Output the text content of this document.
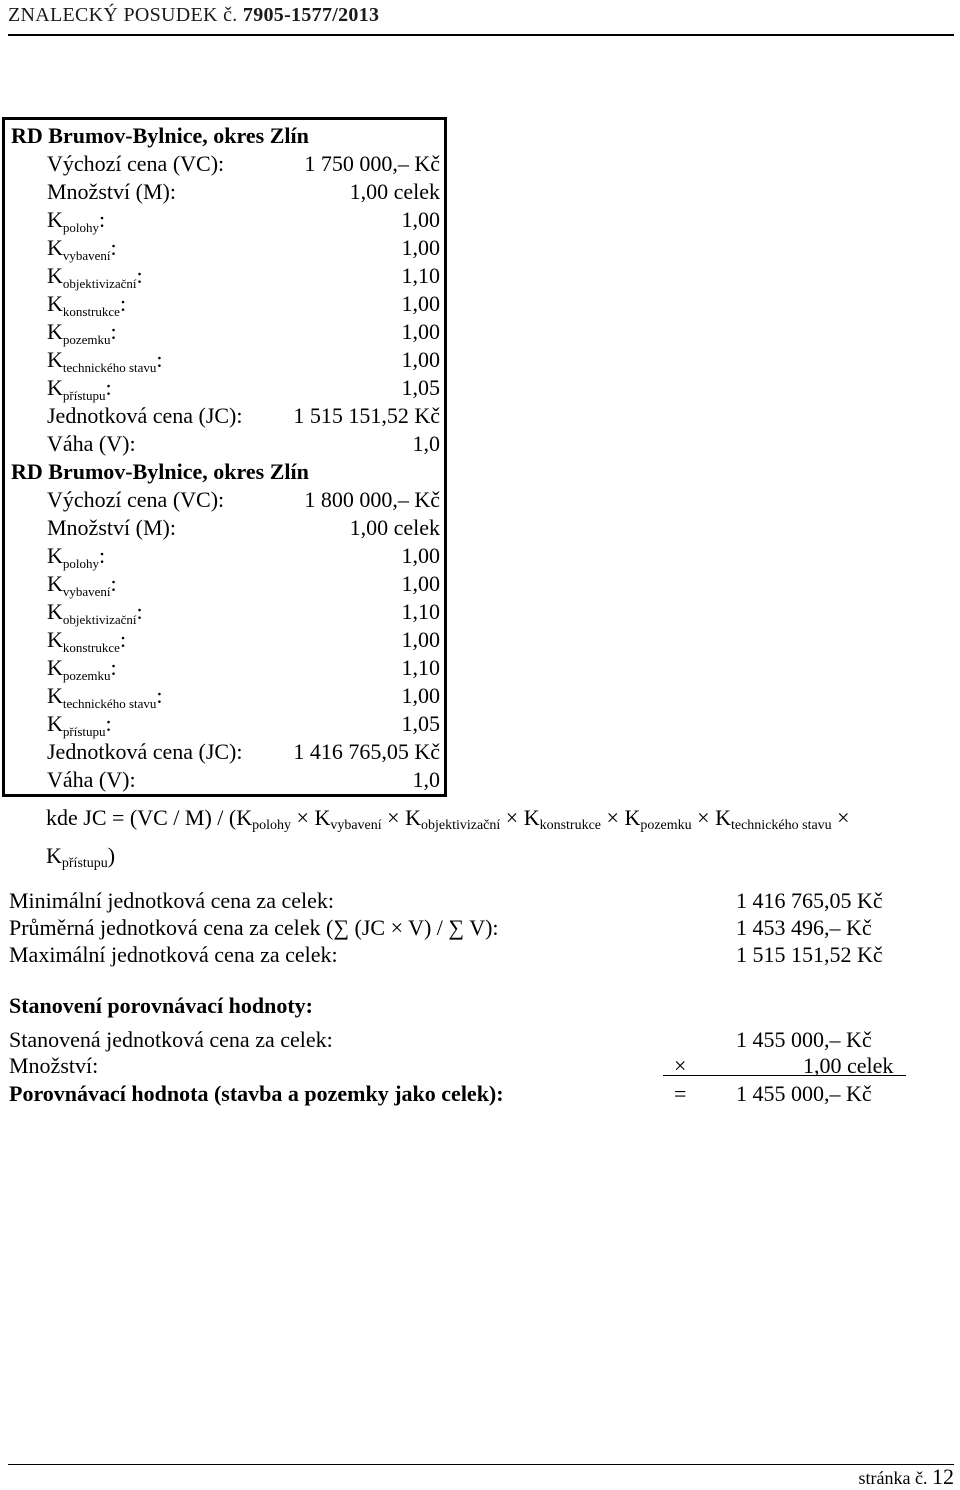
ZNALECKÝ POSUDEK č. 7905-1577/2013
RD Brumov-Bylnice, okres Zlín
Výchozí cena (VC):	1 750 000,– Kč
Množství (M):	1,00 celek
$K_{polohy}$:	1,00
$K_{vybavení}$:	1,00
$K_{objektivizační}$:	1,10
$K_{konstrukce}$:	1,00
$K_{pozemku}$:	1,00
$K_{technického stavu}$:	1,00
$K_{přístupu}$:	1,05
Jednotková cena (JC): 1 515 151,52 Kč
Váha (V):	1,0
RD Brumov-Bylnice, okres Zlín
Výchozí cena (VC):	1 800 000,– Kč
Množství (M):	1,00 celek
$K_{polohy}$:	1,00
$K_{vybavení}$:	1,00
$K_{objektivizační}$:	1,10
$K_{konstrukce}$:	1,00
$K_{pozemku}$:	1,10
$K_{technického stavu}$:	1,00
$K_{přístupu}$:	1,05
Jednotková cena (JC): 1 416 765,05 Kč
Váha (V):	1,0
kde JC = $(VC / M) / (K_{polohy} \times K_{vybavení} \times K_{objektivizační} \times K_{konstrukce} \times K_{pozemku} \times K_{technického stavu}$ ×
$K_{přístupu}$)
Minimální jednotková cena za celek:	1 416 765,05 Kč
Průměrná jednotková cena za celek (∑ (JC × V) / ∑ V):	1 453 496,– Kč
Maximální jednotková cena za celek:	1 515 151,52 Kč
Stanovení porovnávací hodnoty:
Stanovená jednotková cena za celek:	1 455 000,– Kč
Množství:	×	1,00 celek
Porovnávací hodnota (stavba a pozemky jako celek):	= 1 455 000,– Kč
stránka č. 12
